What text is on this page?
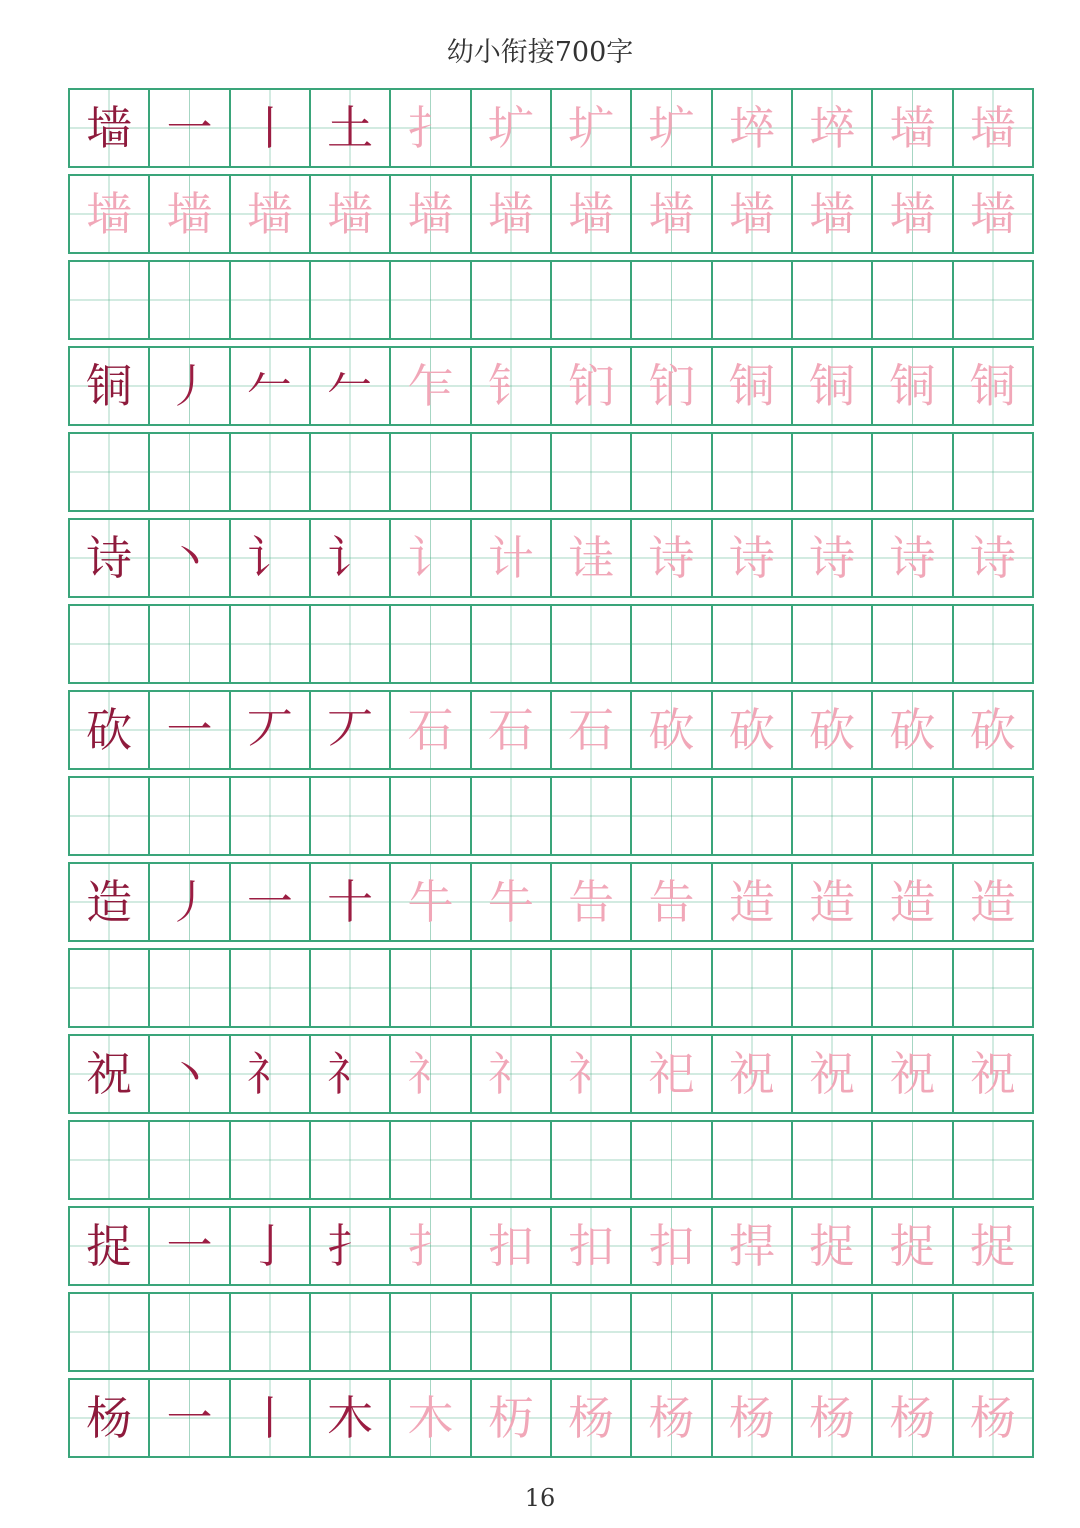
幼小衔接700字
墙 一 丨 土 扌 圹 圹 圹 埣 埣 墙 墙
墙 墙 墙 墙 墙 墙 墙 墙 墙 墙 墙 墙
铜 丿 𠂉 𠂉 乍 钅 钔 钔 铜 铜 铜 铜
诗 丶 讠 讠 讠 计 诖 诗 诗 诗 诗 诗
砍 一 丆 丆 石 石 石 砍 砍 砍 砍 砍
造 丿 一 十 牛 牛 告 告 造 造 造 造
祝 丶 礻 礻 礻 礻 礻 祀 祝 祝 祝 祝
捉 一 亅 扌 扌 扣 扣 扣 捍 捉 捉 捉
杨 一 丨 木 木 杤 杨 杨 杨 杨 杨 杨
16
